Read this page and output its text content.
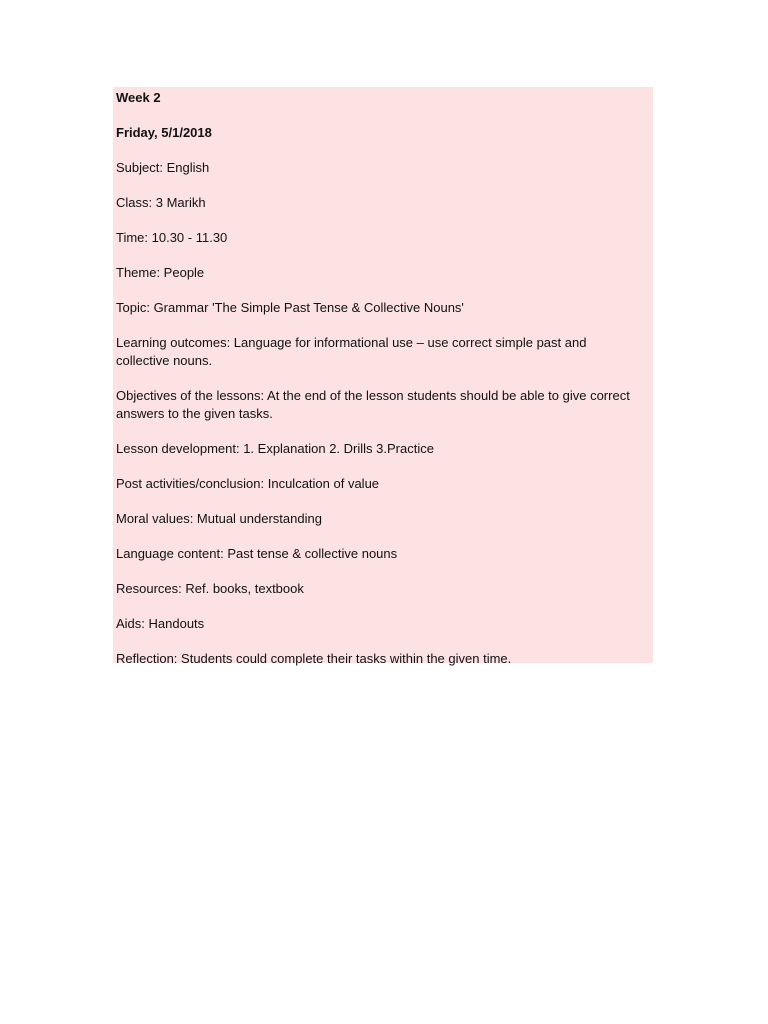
Week 2

Friday, 5/1/2018

Subject: English

Class: 3 Marikh

Time: 10.30 - 11.30

Theme: People

Topic: Grammar 'The Simple Past Tense & Collective Nouns'

Learning outcomes: Language for informational use – use correct simple past and collective nouns.

Objectives of the lessons: At the end of the lesson students should be able to give correct answers to the given tasks.

Lesson development: 1. Explanation 2. Drills 3.Practice

Post activities/conclusion: Inculcation of value

Moral values: Mutual understanding

Language content: Past tense & collective nouns

Resources: Ref. books, textbook

Aids: Handouts

Reflection: Students could complete their tasks within the given time.
